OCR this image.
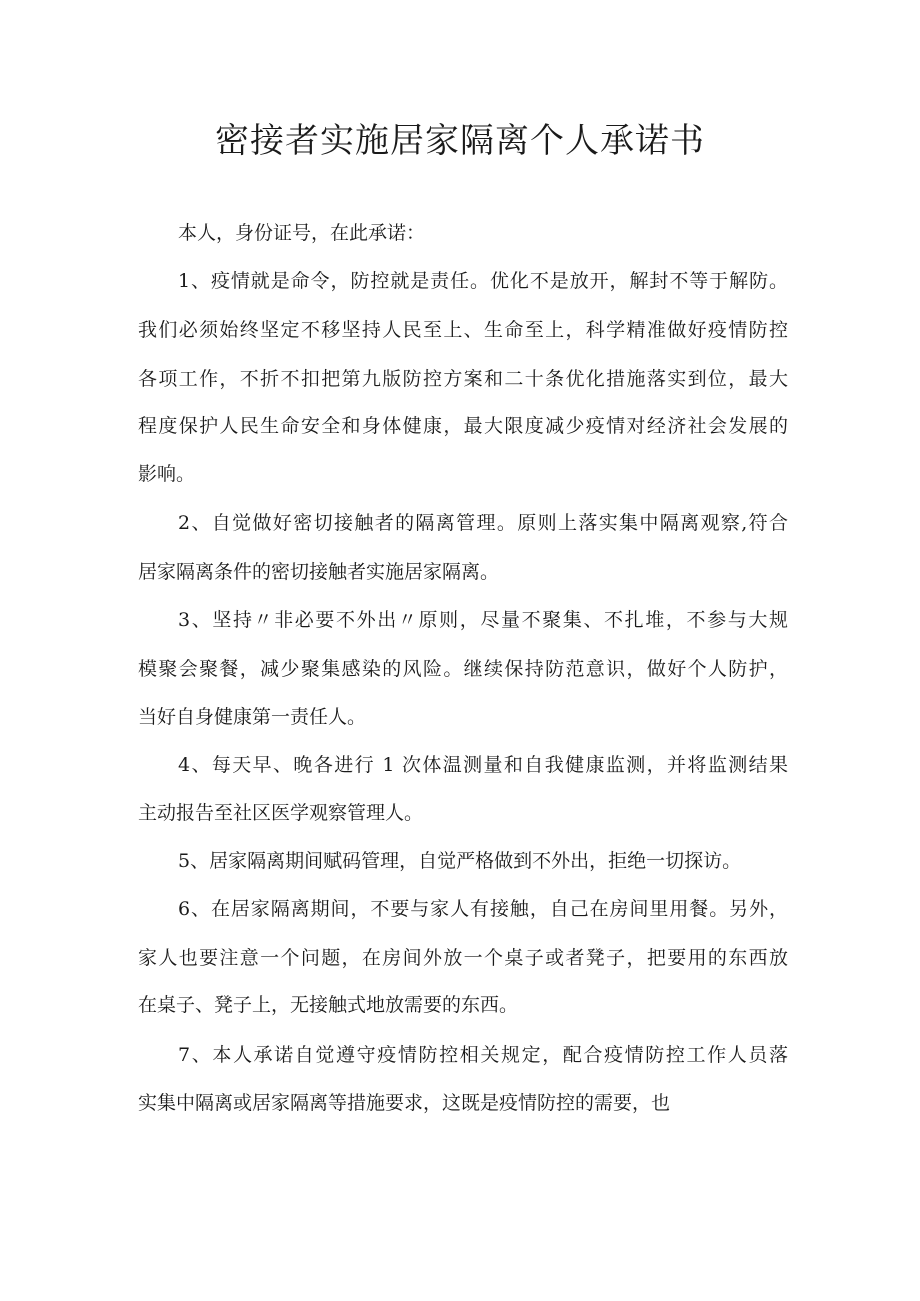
密接者实施居家隔离个人承诺书
本人，身份证号，在此承诺：
1、疫情就是命令，防控就是责任。优化不是放开，解封不等于解防。
我们必须始终坚定不移坚持人民至上、生命至上，科学精准做好疫情防控
各项工作，不折不扣把第九版防控方案和二十条优化措施落实到位，最大
程度保护人民生命安全和身体健康，最大限度减少疫情对经济社会发展的
影响。
2、自觉做好密切接触者的隔离管理。原则上落实集中隔离观察,符合
居家隔离条件的密切接触者实施居家隔离。
3、坚持〃非必要不外出〃原则，尽量不聚集、不扎堆，不参与大规
模聚会聚餐，减少聚集感染的风险。继续保持防范意识，做好个人防护，
当好自身健康第一责任人。
4、每天早、晚各进行 1 次体温测量和自我健康监测，并将监测结果
主动报告至社区医学观察管理人。
5、居家隔离期间赋码管理，自觉严格做到不外出，拒绝一切探访。
6、在居家隔离期间，不要与家人有接触，自己在房间里用餐。另外，
家人也要注意一个问题，在房间外放一个桌子或者凳子，把要用的东西放
在桌子、凳子上，无接触式地放需要的东西。
7、本人承诺自觉遵守疫情防控相关规定，配合疫情防控工作人员落
实集中隔离或居家隔离等措施要求，这既是疫情防控的需要，也
